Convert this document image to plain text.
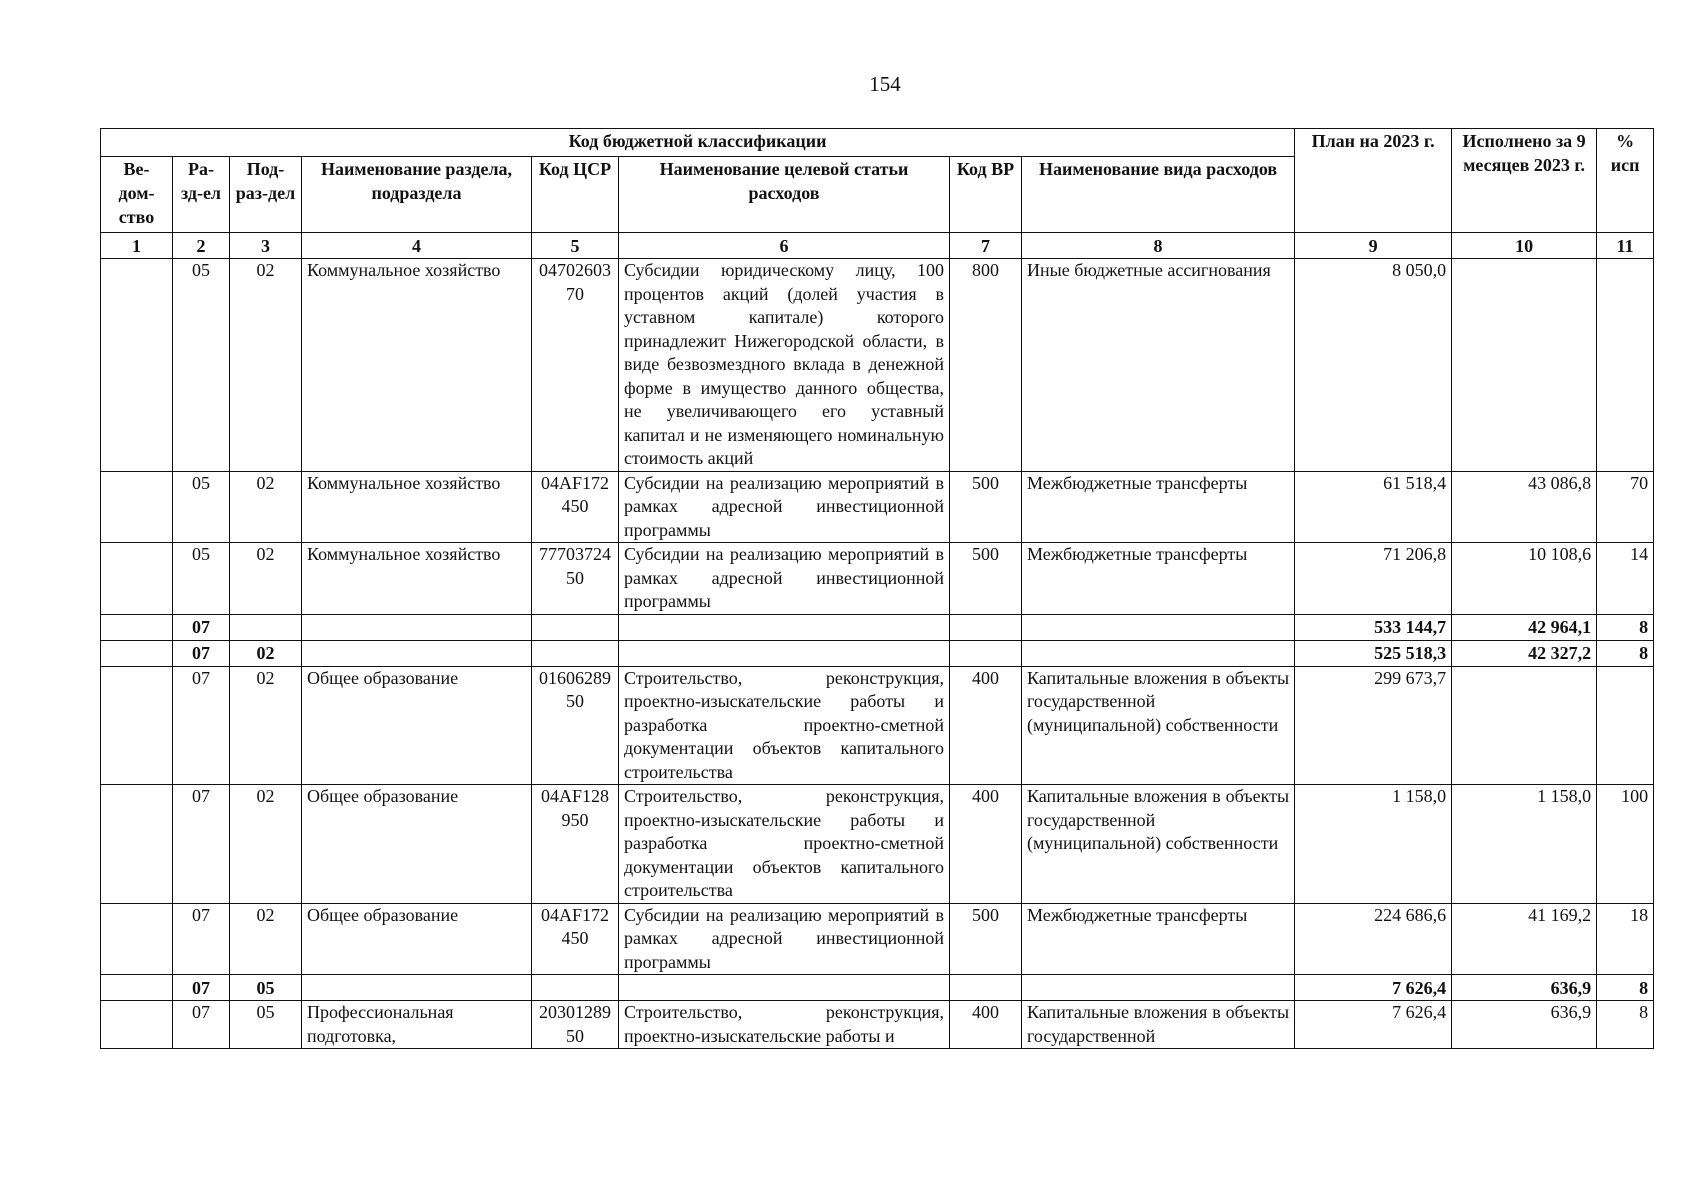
154
Код бюджетной классификации								План на 2023 г.	Исполнено за 9 месяцев 2023 г.	% исп
Ве-дом-ство	Ра-зд-ел	Под-раз-дел	Наименование раздела, подраздела	Код ЦСР	Наименование целевой статьи расходов	Код ВР	Наименование вида расходов			
1	2	3	4	5	6	7	8	9	10	11
	05	02	Коммунальное хозяйство	0470260370	Субсидии юридическому лицу, 100 процентов акций (долей участия в уставном капитале) которого принадлежит Нижегородской области, в виде безвозмездного вклада в денежной форме в имущество данного общества, не увеличивающего его уставный капитал и не изменяющего номинальную стоимость акций	800	Иные бюджетные ассигнования	8 050,0		
	05	02	Коммунальное хозяйство	04AF172450	Субсидии на реализацию мероприятий в рамках адресной инвестиционной программы	500	Межбюджетные трансферты	61 518,4	43 086,8	70
	05	02	Коммунальное хозяйство	7770372450	Субсидии на реализацию мероприятий в рамках адресной инвестиционной программы	500	Межбюджетные трансферты	71 206,8	10 108,6	14
	07							533 144,7	42 964,1	8
	07	02						525 518,3	42 327,2	8
	07	02	Общее образование	0160628950	Строительство, реконструкция, проектно-изыскательские работы и разработка проектно-сметной документации объектов капитального строительства	400	Капитальные вложения в объекты государственной (муниципальной) собственности	299 673,7		
	07	02	Общее образование	04AF128950	Строительство, реконструкция, проектно-изыскательские работы и разработка проектно-сметной документации объектов капитального строительства	400	Капитальные вложения в объекты государственной (муниципальной) собственности	1 158,0	1 158,0	100
	07	02	Общее образование	04AF172450	Субсидии на реализацию мероприятий в рамках адресной инвестиционной программы	500	Межбюджетные трансферты	224 686,6	41 169,2	18
	07	05						7 626,4	636,9	8
	07	05	Профессиональная подготовка,	2030128950	Строительство, реконструкция, проектно-изыскательские работы и	400	Капитальные вложения в объекты государственной	7 626,4	636,9	8
